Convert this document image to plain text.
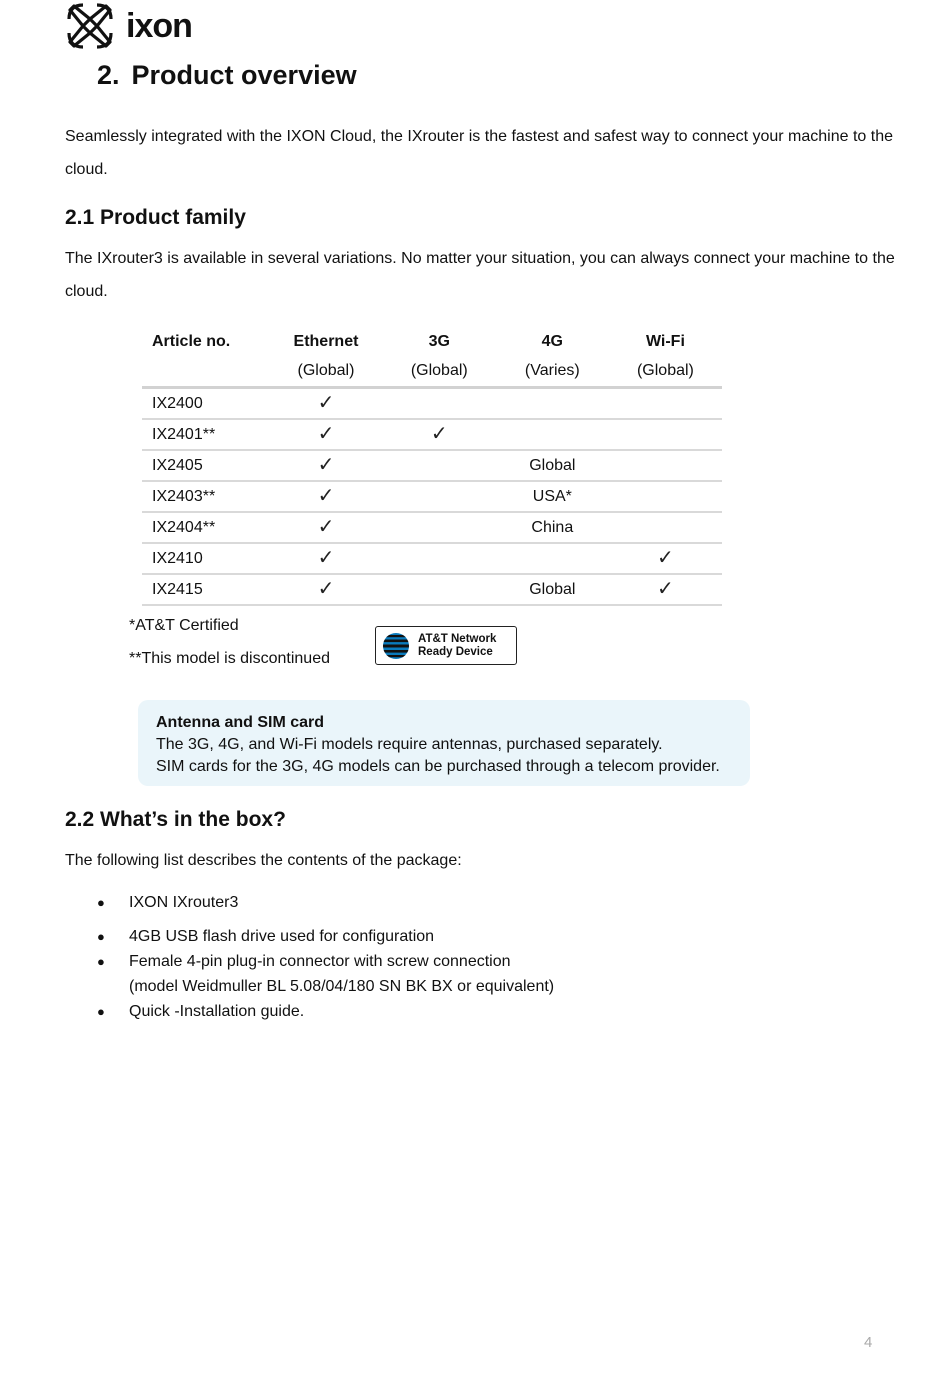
ixon
2. Product overview

Seamlessly integrated with the IXON Cloud, the IXrouter is the fastest and safest way to connect your machine to the cloud.

2.1 Product family

The IXrouter3 is available in several variations. No matter your situation, you can always connect your machine to the cloud.

Article no.	Ethernet	3G	4G	Wi-Fi
	(Global)	(Global)	(Varies)	(Global)
IX2400	✓			
IX2401**	✓	✓		
IX2405	✓		Global	
IX2403**	✓		USA*	
IX2404**	✓		China	
IX2410	✓			✓
IX2415	✓		Global	✓
*AT&T Certified
**This model is discontinued
AT&T Network
Ready Device
Antenna and SIM card
The 3G, 4G, and Wi-Fi models require antennas, purchased separately.
SIM cards for the 3G, 4G models can be purchased through a telecom provider.
2.2 What’s in the box?

The following list describes the contents of the package:

● IXON IXrouter3
● 4GB USB flash drive used for configuration
● Female 4-pin plug-in connector with screw connection
(model Weidmuller BL 5.08/04/180 SN BK BX or equivalent)
● Quick -Installation guide.
4
